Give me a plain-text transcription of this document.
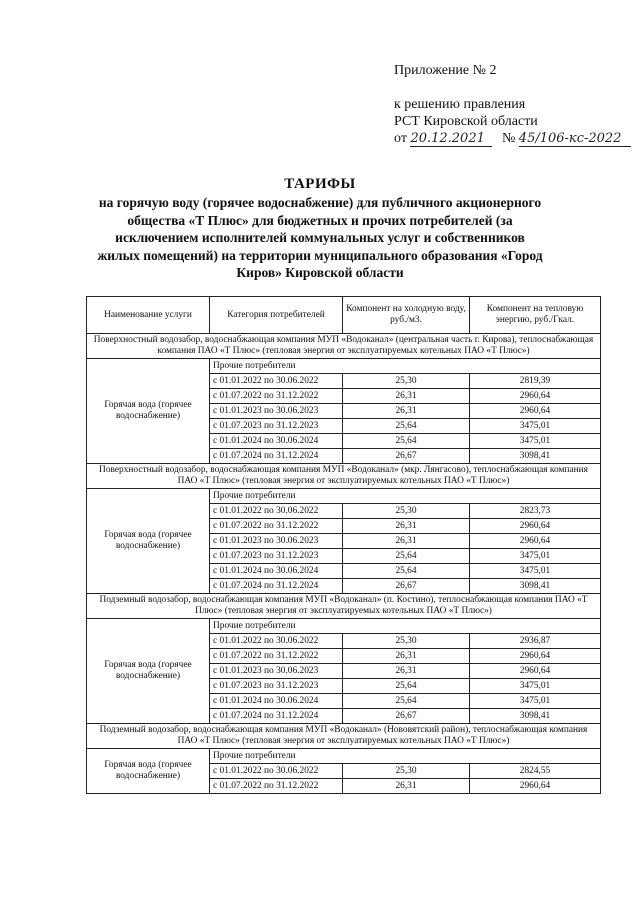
Приложение № 2
к решению правления
РСТ Кировской области
от 20.12.2021 № 45/106-кс-2022
ТАРИФЫ
на горячую воду (горячее водоснабжение) для публичного акционерного
общества «Т Плюс» для бюджетных и прочих потребителей (за
исключением исполнителей коммунальных услуг и собственников
жилых помещений) на территории муниципального образования «Город
Киров» Кировской области
Наименование услуги	Категория потребителей	Компонент на холодную воду, руб./м3.	Компонент на тепловую энергию, руб./Гкал.
Поверхностный водозабор, водоснабжающая компания МУП «Водоканал» (центральная часть г. Кирова), теплоснабжающая компания ПАО «Т Плюс» (тепловая энергия от эксплуатируемых котельных ПАО «Т Плюс»)			
Горячая вода (горячее водоснабжение)	Прочие потребители		
	с 01.01.2022 по 30.06.2022	25,30	2819,39
	с 01.07.2022 по 31.12.2022	26,31	2960,64
	с 01.01.2023 по 30.06.2023	26,31	2960,64
	с 01.07.2023 по 31.12.2023	25,64	3475,01
	с 01.01.2024 по 30.06.2024	25,64	3475,01
	с 01.07.2024 по 31.12.2024	26,67	3098,41
Поверхностный водозабор, водоснабжающая компания МУП «Водоканал» (мкр. Лянгасово), теплоснабжающая компания ПАО «Т Плюс» (тепловая энергия от эксплуатируемых котельных ПАО «Т Плюс»)			
Горячая вода (горячее водоснабжение)	Прочие потребители		
	с 01.01.2022 по 30.06.2022	25,30	2823,73
	с 01.07.2022 по 31.12.2022	26,31	2960,64
	с 01.01.2023 по 30.06.2023	26,31	2960,64
	с 01.07.2023 по 31.12.2023	25,64	3475,01
	с 01.01.2024 по 30.06.2024	25,64	3475,01
	с 01.07.2024 по 31.12.2024	26,67	3098,41
Подземный водозабор, водоснабжающая компания МУП «Водоканал» (п. Костино), теплоснабжающая компания ПАО «Т Плюс» (тепловая энергия от эксплуатируемых котельных ПАО «Т Плюс»)			
Горячая вода (горячее водоснабжение)	Прочие потребители		
	с 01.01.2022 по 30.06.2022	25,30	2936,87
	с 01.07.2022 по 31.12.2022	26,31	2960,64
	с 01.01.2023 по 30.06.2023	26,31	2960,64
	с 01.07.2023 по 31.12.2023	25,64	3475,01
	с 01.01.2024 по 30.06.2024	25,64	3475,01
	с 01.07.2024 по 31.12.2024	26,67	3098,41
Подземный водозабор, водоснабжающая компания МУП «Водоканал» (Нововятский район), теплоснабжающая компания ПАО «Т Плюс» (тепловая энергия от эксплуатируемых котельных ПАО «Т Плюс»)			
Горячая вода (горячее водоснабжение)	Прочие потребители		
	с 01.01.2022 по 30.06.2022	25,30	2824,55
	с 01.07.2022 по 31.12.2022	26,31	2960,64
